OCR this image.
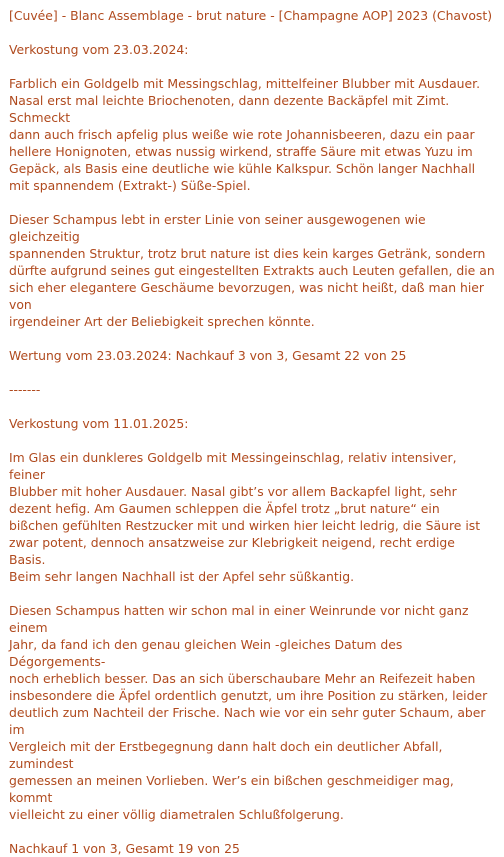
[Cuvée] - Blanc Assemblage - brut nature - [Champagne AOP] 2023 (Chavost)

Verkostung vom 23.03.2024:

Farblich ein Goldgelb mit Messingschlag, mittelfeiner Blubber mit Ausdauer.
Nasal erst mal leichte Briochenoten, dann dezente Backäpfel mit Zimt. Schmeckt
dann auch frisch apfelig plus weiße wie rote Johannisbeeren, dazu ein paar
hellere Honignoten, etwas nussig wirkend, straffe Säure mit etwas Yuzu im
Gepäck, als Basis eine deutliche wie kühle Kalkspur. Schön langer Nachhall
mit spannendem (Extrakt-) Süße-Spiel.

Dieser Schampus lebt in erster Linie von seiner ausgewogenen wie gleichzeitig
spannenden Struktur, trotz brut nature ist dies kein karges Getränk, sondern
dürfte aufgrund seines gut eingestellten Extrakts auch Leuten gefallen, die an
sich eher elegantere Geschäume bevorzugen, was nicht heißt, daß man hier von
irgendeiner Art der Beliebigkeit sprechen könnte.

Wertung vom 23.03.2024: Nachkauf 3 von 3, Gesamt 22 von 25

-------

Verkostung vom 11.01.2025:

Im Glas ein dunkleres Goldgelb mit Messingeinschlag, relativ intensiver, feiner
Blubber mit hoher Ausdauer. Nasal gibt’s vor allem Backapfel light, sehr
dezent hefig. Am Gaumen schleppen die Äpfel trotz „brut nature“ ein
bißchen gefühlten Restzucker mit und wirken hier leicht ledrig, die Säure ist
zwar potent, dennoch ansatzweise zur Klebrigkeit neigend, recht erdige Basis.
Beim sehr langen Nachhall ist der Apfel sehr süßkantig.

Diesen Schampus hatten wir schon mal in einer Weinrunde vor nicht ganz einem
Jahr, da fand ich den genau gleichen Wein -gleiches Datum des Dégorgements-
noch erheblich besser. Das an sich überschaubare Mehr an Reifezeit haben
insbesondere die Äpfel ordentlich genutzt, um ihre Position zu stärken, leider
deutlich zum Nachteil der Frische. Nach wie vor ein sehr guter Schaum, aber im
Vergleich mit der Erstbegegnung dann halt doch ein deutlicher Abfall, zumindest
gemessen an meinen Vorlieben. Wer’s ein bißchen geschmeidiger mag, kommt
vielleicht zu einer völlig diametralen Schlußfolgerung.

Nachkauf 1 von 3, Gesamt 19 von 25
